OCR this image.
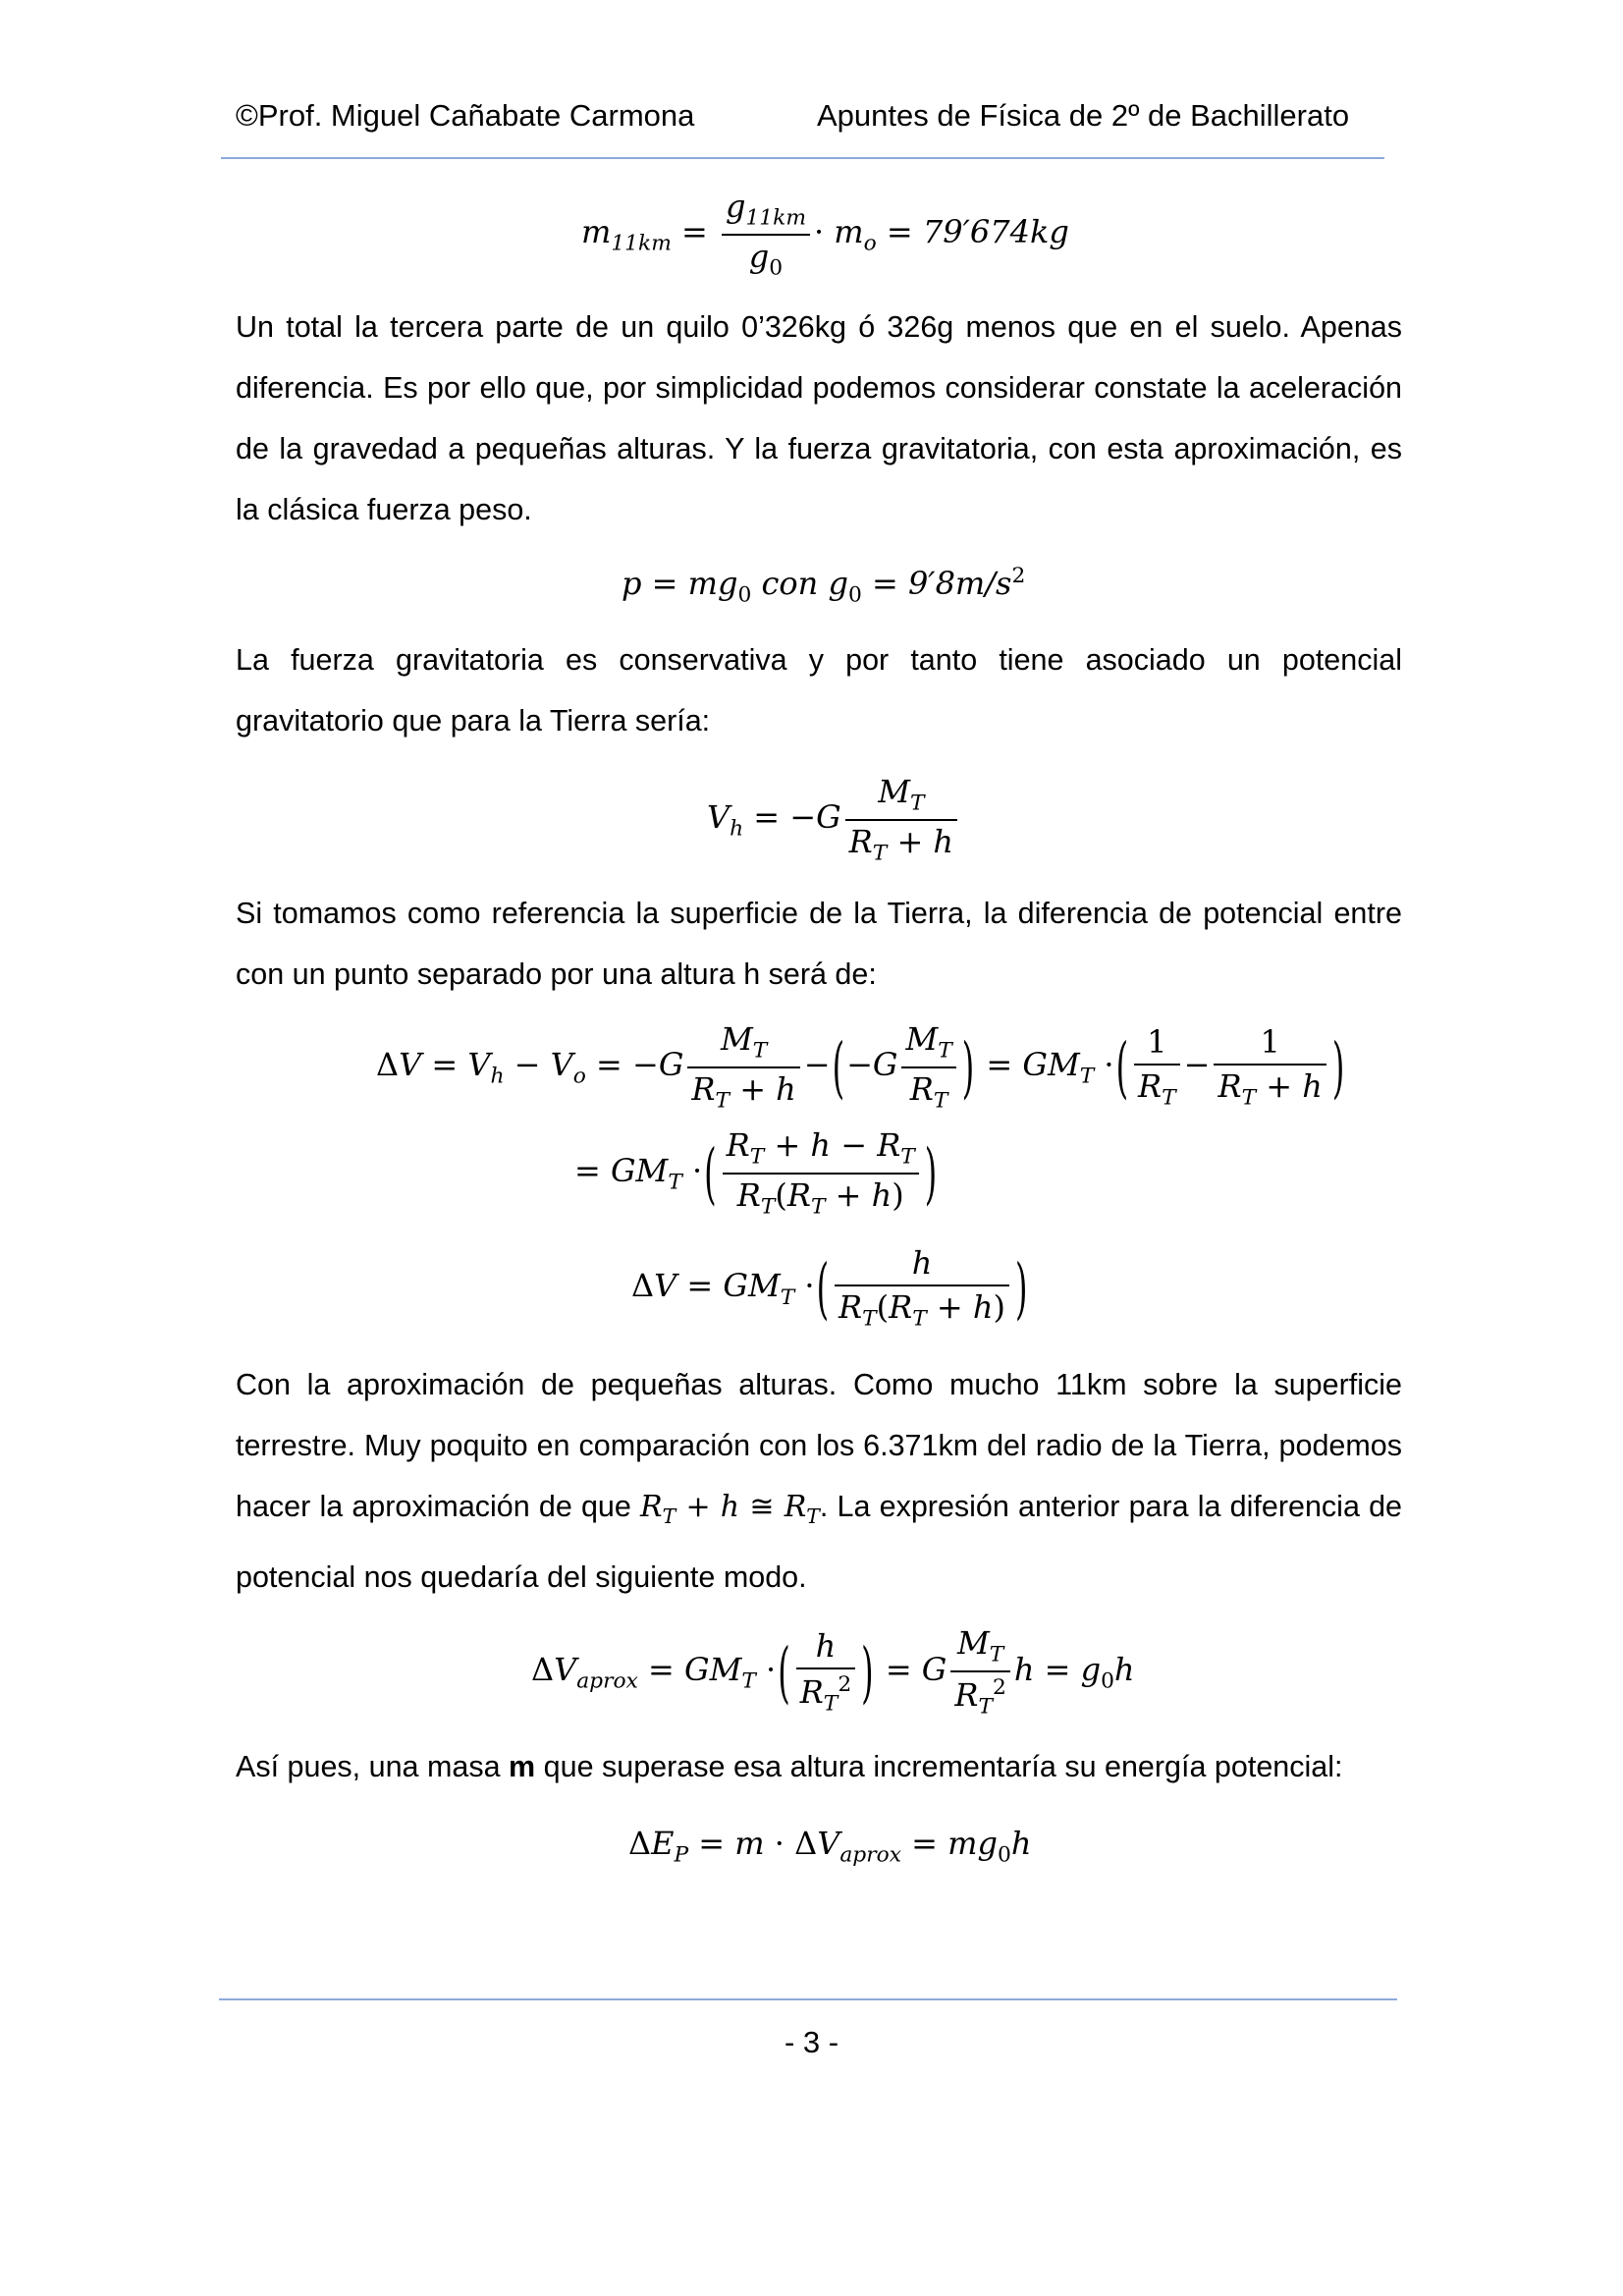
©Prof. Miguel Cañabate Carmona	Apuntes de Física de 2º de Bachillerato
$m_{11km} = \frac{g_{11km}}{g_0} \cdot m_o = 79'674kg$
Un total la tercera parte de un quilo 0’326kg ó 326g menos que en el suelo. Apenas diferencia. Es por ello que, por simplicidad podemos considerar constate la aceleración de la gravedad a pequeñas alturas. Y la fuerza gravitatoria, con esta aproximación, es la clásica fuerza peso.
$p = mg_0$ con $g_0 = 9'8m/s^2$
La fuerza gravitatoria es conservativa y por tanto tiene asociado un potencial gravitatorio que para la Tierra sería:
$V_h = -G \frac{M_T}{R_T + h}$
Si tomamos como referencia la superficie de la Tierra, la diferencia de potencial entre con un punto separado por una altura h será de:
$\Delta V = V_h - V_o = -G \frac{M_T}{R_T + h} -(-G \frac{M_T}{R_T}$ ) = $GM_T$ ·( $\frac{1}{R_T} - \frac{1}{R_T + h}$ )
= $GM_T$ ·( $\frac{R_T + h - R_T}{R_T(R_T + h)}$ )
$\Delta V = GM_T$ ·( $\frac{h}{R_T(R_T + h)}$ )
Con la aproximación de pequeñas alturas. Como mucho 11km sobre la superficie terrestre. Muy poquito en comparación con los 6.371km del radio de la Tierra, podemos hacer la aproximación de que $R_T + h$ ≅ $R_T$. La expresión anterior para la diferencia de potencial nos quedaría del siguiente modo.
$\Delta V_{aprox} = GM_T$ ·( $\frac{h}{R_T^2}$ ) = G $\frac{M_T}{R_T^2}$ $h = g_0h$
Así pues, una masa m que superase esa altura incrementaría su energía potencial:
$\Delta E_P = m \cdot \Delta V_{aprox} = mg_0h$
- 3 -
